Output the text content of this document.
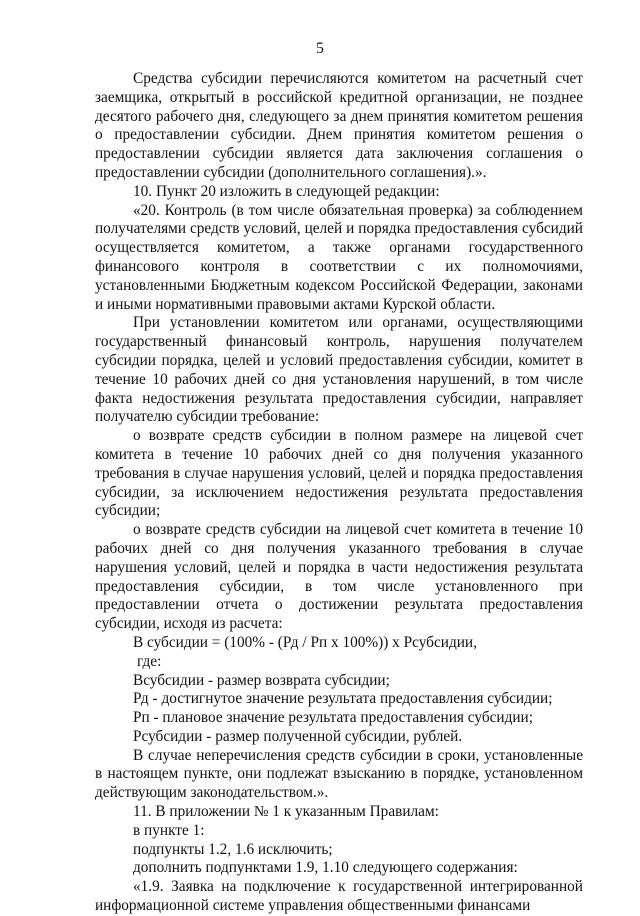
5

Средства субсидии перечисляются комитетом на расчетный счет заемщика, открытый в российской кредитной организации, не позднее десятого рабочего дня, следующего за днем принятия комитетом решения о предоставлении субсидии. Днем принятия комитетом решения о предоставлении субсидии является дата заключения соглашения о предоставлении субсидии (дополнительного соглашения).».

10. Пункт 20 изложить в следующей редакции:

«20. Контроль (в том числе обязательная проверка) за соблюдением получателями средств условий, целей и порядка предоставления субсидий осуществляется комитетом, а также органами государственного финансового контроля в соответствии с их полномочиями, установленными Бюджетным кодексом Российской Федерации, законами и иными нормативными правовыми актами Курской области.

При установлении комитетом или органами, осуществляющими государственный финансовый контроль, нарушения получателем субсидии порядка, целей и условий предоставления субсидии, комитет в течение 10 рабочих дней со дня установления нарушений, в том числе факта недостижения результата предоставления субсидии, направляет получателю субсидии требование:

о возврате средств субсидии в полном размере на лицевой счет комитета в течение 10 рабочих дней со дня получения указанного требования в случае нарушения условий, целей и порядка предоставления субсидии, за исключением недостижения результата предоставления субсидии;

о возврате средств субсидии на лицевой счет комитета в течение 10 рабочих дней со дня получения указанного требования в случае нарушения условий, целей и порядка в части недостижения результата предоставления субсидии, в том числе установленного при предоставлении отчета о достижении результата предоставления субсидии, исходя из расчета:

В субсидии = (100% - (Рд / Рп х 100%)) х Рсубсидии,

где:

Всубсидии - размер возврата субсидии;

Рд - достигнутое значение результата предоставления субсидии;

Рп - плановое значение результата предоставления субсидии;

Рсубсидии - размер полученной субсидии, рублей.

В случае неперечисления средств субсидии в сроки, установленные в настоящем пункте, они подлежат взысканию в порядке, установленном действующим законодательством.».

11. В приложении № 1 к указанным Правилам:

в пункте 1:

подпункты 1.2, 1.6 исключить;

дополнить подпунктами 1.9, 1.10 следующего содержания:

«1.9. Заявка на подключение к государственной интегрированной информационной системе управления общественными финансами
